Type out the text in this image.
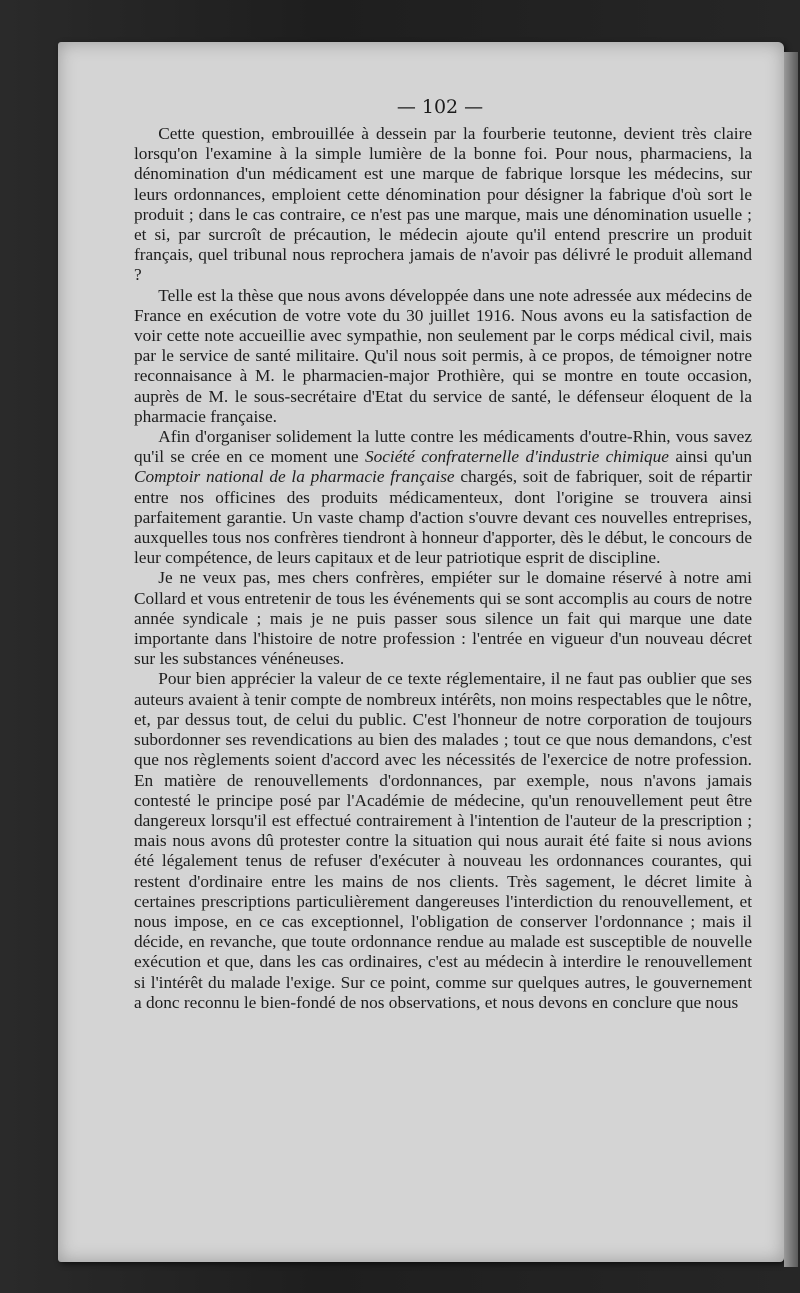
— 102 —

Cette question, embrouillée à dessein par la fourberie teutonne, devient très claire lorsqu'on l'examine à la simple lumière de la bonne foi. Pour nous, pharmaciens, la dénomination d'un médicament est une marque de fabrique lorsque les médecins, sur leurs ordonnances, emploient cette dénomination pour désigner la fabrique d'où sort le produit ; dans le cas contraire, ce n'est pas une marque, mais une dénomination usuelle ; et si, par surcroît de précaution, le médecin ajoute qu'il entend prescrire un produit français, quel tribunal nous reprochera jamais de n'avoir pas délivré le produit allemand ?

Telle est la thèse que nous avons développée dans une note adressée aux médecins de France en exécution de votre vote du 30 juillet 1916. Nous avons eu la satisfaction de voir cette note accueillie avec sympathie, non seulement par le corps médical civil, mais par le service de santé militaire. Qu'il nous soit permis, à ce propos, de témoigner notre reconnaisance à M. le pharmacien-major Prothière, qui se montre en toute occasion, auprès de M. le sous-secrétaire d'Etat du service de santé, le défenseur éloquent de la pharmacie française.

Afin d'organiser solidement la lutte contre les médicaments d'outre-Rhin, vous savez qu'il se crée en ce moment une Société confraternelle d'industrie chimique ainsi qu'un Comptoir national de la pharmacie française chargés, soit de fabriquer, soit de répartir entre nos officines des produits médicamenteux, dont l'origine se trouvera ainsi parfaitement garantie. Un vaste champ d'action s'ouvre devant ces nouvelles entreprises, auxquelles tous nos confrères tiendront à honneur d'apporter, dès le début, le concours de leur compétence, de leurs capitaux et de leur patriotique esprit de discipline.

Je ne veux pas, mes chers confrères, empiéter sur le domaine réservé à notre ami Collard et vous entretenir de tous les événements qui se sont accomplis au cours de notre année syndicale ; mais je ne puis passer sous silence un fait qui marque une date importante dans l'histoire de notre profession : l'entrée en vigueur d'un nouveau décret sur les substances vénéneuses.

Pour bien apprécier la valeur de ce texte réglementaire, il ne faut pas oublier que ses auteurs avaient à tenir compte de nombreux intérêts, non moins respectables que le nôtre, et, par dessus tout, de celui du public. C'est l'honneur de notre corporation de toujours subordonner ses revendications au bien des malades ; tout ce que nous demandons, c'est que nos règlements soient d'accord avec les nécessités de l'exercice de notre profession. En matière de renouvellements d'ordonnances, par exemple, nous n'avons jamais contesté le principe posé par l'Académie de médecine, qu'un renouvellement peut être dangereux lorsqu'il est effectué contrairement à l'intention de l'auteur de la prescription ; mais nous avons dû protester contre la situation qui nous aurait été faite si nous avions été légalement tenus de refuser d'exécuter à nouveau les ordonnances courantes, qui restent d'ordinaire entre les mains de nos clients. Très sagement, le décret limite à certaines prescriptions particulièrement dangereuses l'interdiction du renouvellement, et nous impose, en ce cas exceptionnel, l'obligation de conserver l'ordonnance ; mais il décide, en revanche, que toute ordonnance rendue au malade est susceptible de nouvelle exécution et que, dans les cas ordinaires, c'est au médecin à interdire le renouvellement si l'intérêt du malade l'exige. Sur ce point, comme sur quelques autres, le gouvernement a donc reconnu le bien-fondé de nos observations, et nous devons en conclure que nous
